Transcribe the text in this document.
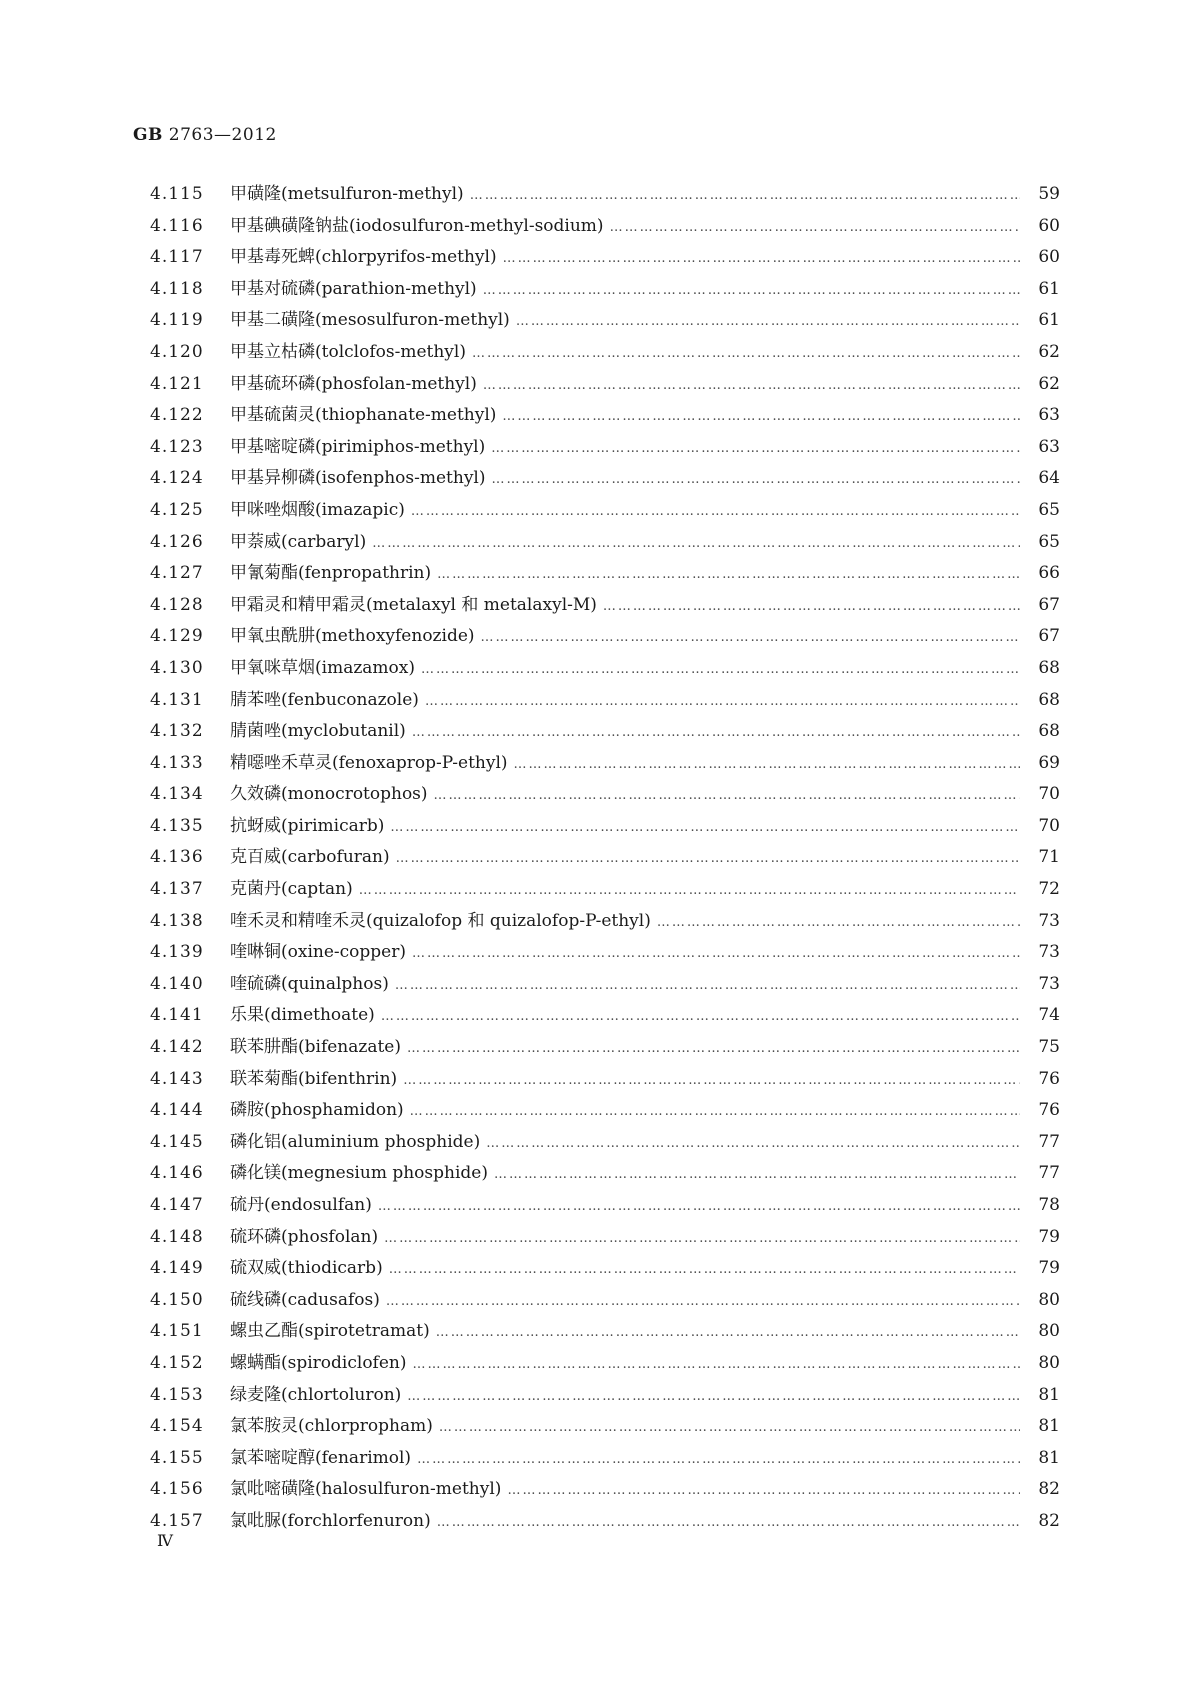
GB 2763—2012
4.115	甲磺隆(metsulfuron-methyl) ……………………………………………………………………………………………………………………………………………………………………………………	59
4.116	甲基碘磺隆钠盐(iodosulfuron-methyl-sodium) ……………………………………………………………………………………………………………………………………………………………………………………	60
4.117	甲基毒死蜱(chlorpyrifos-methyl) ……………………………………………………………………………………………………………………………………………………………………………………	60
4.118	甲基对硫磷(parathion-methyl) ……………………………………………………………………………………………………………………………………………………………………………………	61
4.119	甲基二磺隆(mesosulfuron-methyl) ……………………………………………………………………………………………………………………………………………………………………………………	61
4.120	甲基立枯磷(tolclofos-methyl) ……………………………………………………………………………………………………………………………………………………………………………………	62
4.121	甲基硫环磷(phosfolan-methyl) ……………………………………………………………………………………………………………………………………………………………………………………	62
4.122	甲基硫菌灵(thiophanate-methyl) ……………………………………………………………………………………………………………………………………………………………………………………	63
4.123	甲基嘧啶磷(pirimiphos-methyl) ……………………………………………………………………………………………………………………………………………………………………………………	63
4.124	甲基异柳磷(isofenphos-methyl) ……………………………………………………………………………………………………………………………………………………………………………………	64
4.125	甲咪唑烟酸(imazapic) ……………………………………………………………………………………………………………………………………………………………………………………	65
4.126	甲萘威(carbaryl) ……………………………………………………………………………………………………………………………………………………………………………………	65
4.127	甲氰菊酯(fenpropathrin) ……………………………………………………………………………………………………………………………………………………………………………………	66
4.128	甲霜灵和精甲霜灵(metalaxyl 和 metalaxyl-M) ……………………………………………………………………………………………………………………………………………………………………………………	67
4.129	甲氧虫酰肼(methoxyfenozide) ……………………………………………………………………………………………………………………………………………………………………………………	67
4.130	甲氧咪草烟(imazamox) ……………………………………………………………………………………………………………………………………………………………………………………	68
4.131	腈苯唑(fenbuconazole) ……………………………………………………………………………………………………………………………………………………………………………………	68
4.132	腈菌唑(myclobutanil) ……………………………………………………………………………………………………………………………………………………………………………………	68
4.133	精噁唑禾草灵(fenoxaprop-P-ethyl) ……………………………………………………………………………………………………………………………………………………………………………………	69
4.134	久效磷(monocrotophos) ……………………………………………………………………………………………………………………………………………………………………………………	70
4.135	抗蚜威(pirimicarb) ……………………………………………………………………………………………………………………………………………………………………………………	70
4.136	克百威(carbofuran) ……………………………………………………………………………………………………………………………………………………………………………………	71
4.137	克菌丹(captan) ……………………………………………………………………………………………………………………………………………………………………………………	72
4.138	喹禾灵和精喹禾灵(quizalofop 和 quizalofop-P-ethyl) ……………………………………………………………………………………………………………………………………………………………………………………	73
4.139	喹啉铜(oxine-copper) ……………………………………………………………………………………………………………………………………………………………………………………	73
4.140	喹硫磷(quinalphos) ……………………………………………………………………………………………………………………………………………………………………………………	73
4.141	乐果(dimethoate) ……………………………………………………………………………………………………………………………………………………………………………………	74
4.142	联苯肼酯(bifenazate) ……………………………………………………………………………………………………………………………………………………………………………………	75
4.143	联苯菊酯(bifenthrin) ……………………………………………………………………………………………………………………………………………………………………………………	76
4.144	磷胺(phosphamidon) ……………………………………………………………………………………………………………………………………………………………………………………	76
4.145	磷化铝(aluminium phosphide) ……………………………………………………………………………………………………………………………………………………………………………………	77
4.146	磷化镁(megnesium phosphide) ……………………………………………………………………………………………………………………………………………………………………………………	77
4.147	硫丹(endosulfan) ……………………………………………………………………………………………………………………………………………………………………………………	78
4.148	硫环磷(phosfolan) ……………………………………………………………………………………………………………………………………………………………………………………	79
4.149	硫双威(thiodicarb) ……………………………………………………………………………………………………………………………………………………………………………………	79
4.150	硫线磷(cadusafos) ……………………………………………………………………………………………………………………………………………………………………………………	80
4.151	螺虫乙酯(spirotetramat) ……………………………………………………………………………………………………………………………………………………………………………………	80
4.152	螺螨酯(spirodiclofen) ……………………………………………………………………………………………………………………………………………………………………………………	80
4.153	绿麦隆(chlortoluron) ……………………………………………………………………………………………………………………………………………………………………………………	81
4.154	氯苯胺灵(chlorpropham) ……………………………………………………………………………………………………………………………………………………………………………………	81
4.155	氯苯嘧啶醇(fenarimol) ……………………………………………………………………………………………………………………………………………………………………………………	81
4.156	氯吡嘧磺隆(halosulfuron-methyl) ……………………………………………………………………………………………………………………………………………………………………………………	82
4.157	氯吡脲(forchlorfenuron) ……………………………………………………………………………………………………………………………………………………………………………………	82
Ⅳ
